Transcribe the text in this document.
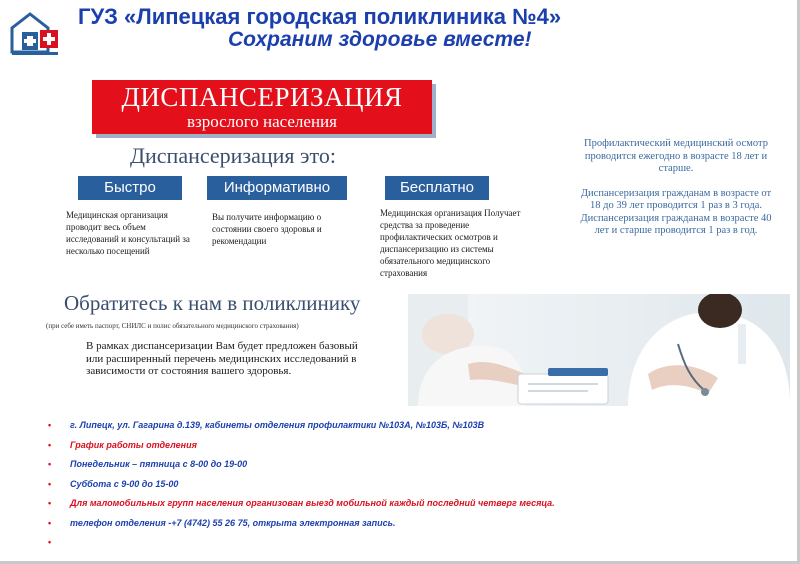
ГУЗ «Липецкая городская поликлиника №4»
Сохраним здоровье вместе!
ДИСПАНСЕРИЗАЦИЯ
взрослого населения
Диспансеризация это:
Быстро	Информативно	Бесплатно
Медицинская организация проводит весь объем исследований и консультаций за несколько посещений
Вы получите информацию о состоянии своего здоровья и рекомендации
Медицинская организация Получает средства за проведение профилактических осмотров и диспансеризацию из системы обязательного медицинского страхования

Профилактический медицинский осмотр проводится ежегодно в возрасте 18 лет и старше.

Диспансеризация гражданам в возрасте от 18 до 39 лет проводится 1 раз в 3 года. Диспансеризация гражданам в возрасте 40 лет и старше проводится 1 раз в год.

Обратитесь к нам в поликлинику
(при себе иметь паспорт, СНИЛС и полис обязательного медицинского страхования)
В рамках диспансеризации Вам будет предложен базовый или расширенный перечень медицинских исследований в зависимости от состояния вашего здоровья.
• г. Липецк, ул. Гагарина д.139, кабинеты отделения профилактики №103А, №103Б, №103В
• График работы отделения
• Понедельник – пятница с 8-00 до 19-00
• Суббота с 9-00 до 15-00
• Для маломобильных групп населения организован выезд мобильной каждый последний четверг месяца.
• телефон отделения -+7 (4742) 55 26 75, открыта электронная запись.
•
